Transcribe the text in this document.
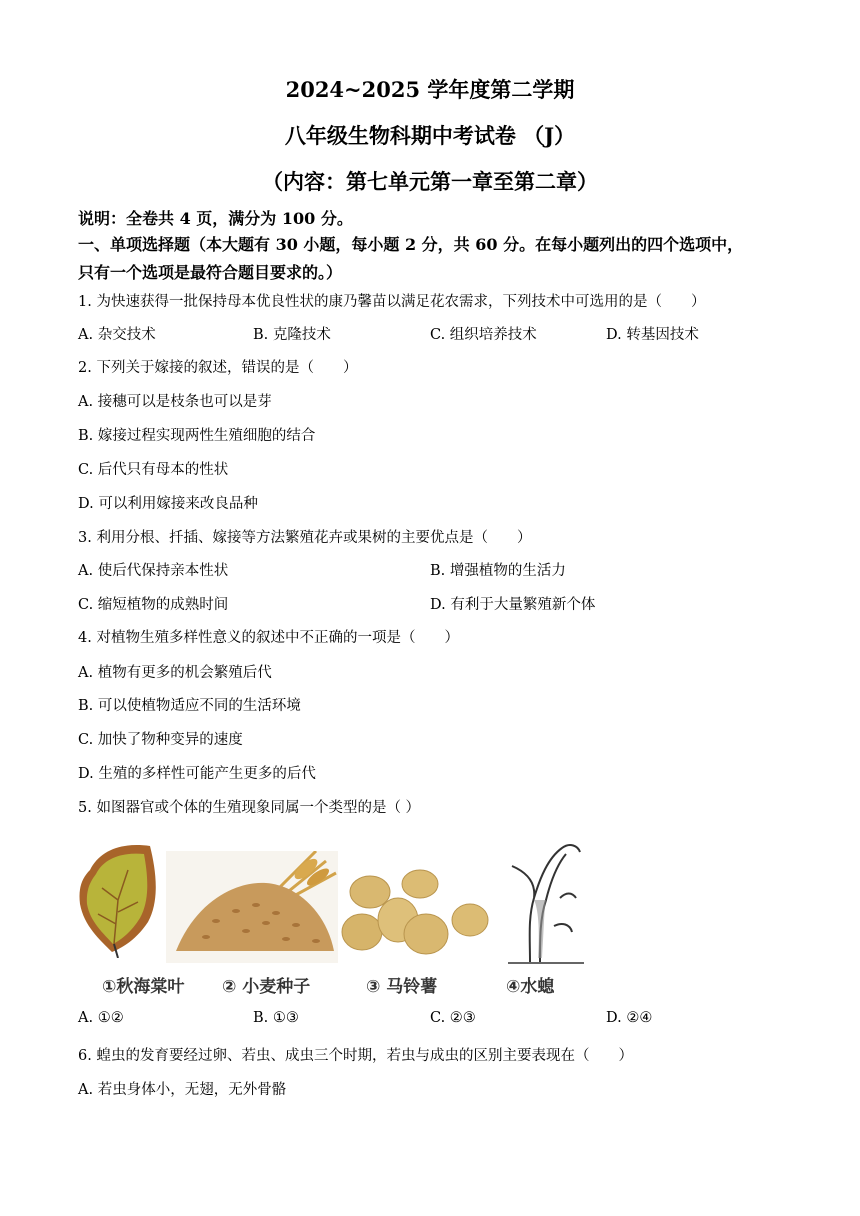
2024~2025 学年度第二学期
八年级生物科期中考试卷 （J）
（内容：第七单元第一章至第二章）
说明：全卷共 4 页，满分为 100 分。
一、单项选择题（本大题有 30 小题，每小题 2 分，共 60 分。在每小题列出的四个选项中，
只有一个选项是最符合题目要求的。）
1. 为快速获得一批保持母本优良性状的康乃馨苗以满足花农需求，下列技术中可选用的是（　　）
A. 杂交技术	B. 克隆技术	C. 组织培养技术	D. 转基因技术
2. 下列关于嫁接的叙述，错误的是（　　）
A. 接穗可以是枝条也可以是芽
B. 嫁接过程实现两性生殖细胞的结合
C. 后代只有母本的性状
D. 可以利用嫁接来改良品种
3. 利用分根、扦插、嫁接等方法繁殖花卉或果树的主要优点是（　　）
A. 使后代保持亲本性状	B. 增强植物的生活力
C. 缩短植物的成熟时间	D. 有利于大量繁殖新个体
4. 对植物生殖多样性意义的叙述中不正确的一项是（　　）
A. 植物有更多的机会繁殖后代
B. 可以使植物适应不同的生活环境
C. 加快了物种变异的速度
D. 生殖的多样性可能产生更多的后代
5. 如图器官或个体的生殖现象同属一个类型的是（ ）
①秋海棠叶 ② 小麦种子	③ 马铃薯	④水螅
A. ①②	B. ①③	C. ②③	D. ②④
6. 蝗虫的发育要经过卵、若虫、成虫三个时期，若虫与成虫的区别主要表现在（　　）
A. 若虫身体小，无翅，无外骨骼
